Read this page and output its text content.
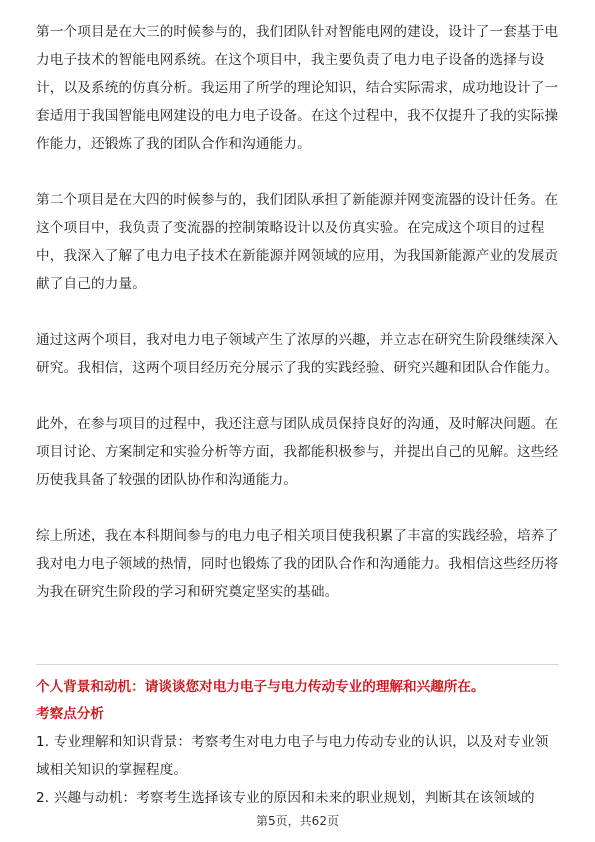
第一个项目是在大三的时候参与的，我们团队针对智能电网的建设，设计了一套基于电力电子技术的智能电网系统。在这个项目中，我主要负责了电力电子设备的选择与设计，以及系统的仿真分析。我运用了所学的理论知识，结合实际需求，成功地设计了一套适用于我国智能电网建设的电力电子设备。在这个过程中，我不仅提升了我的实际操作能力，还锻炼了我的团队合作和沟通能力。

第二个项目是在大四的时候参与的，我们团队承担了新能源并网变流器的设计任务。在这个项目中，我负责了变流器的控制策略设计以及仿真实验。在完成这个项目的过程中，我深入了解了电力电子技术在新能源并网领域的应用，为我国新能源产业的发展贡献了自己的力量。

通过这两个项目，我对电力电子领域产生了浓厚的兴趣，并立志在研究生阶段继续深入研究。我相信，这两个项目经历充分展示了我的实践经验、研究兴趣和团队合作能力。

此外，在参与项目的过程中，我还注意与团队成员保持良好的沟通，及时解决问题。在项目讨论、方案制定和实验分析等方面，我都能积极参与，并提出自己的见解。这些经历使我具备了较强的团队协作和沟通能力。

综上所述，我在本科期间参与的电力电子相关项目使我积累了丰富的实践经验，培养了我对电力电子领域的热情，同时也锻炼了我的团队合作和沟通能力。我相信这些经历将为我在研究生阶段的学习和研究奠定坚实的基础。

个人背景和动机：请谈谈您对电力电子与电力传动专业的理解和兴趣所在。
考察点分析
1. 专业理解和知识背景：考察考生对电力电子与电力传动专业的认识，以及对专业领域相关知识的掌握程度。
2. 兴趣与动机：考察考生选择该专业的原因和未来的职业规划，判断其在该领域的
第5页，共62页
